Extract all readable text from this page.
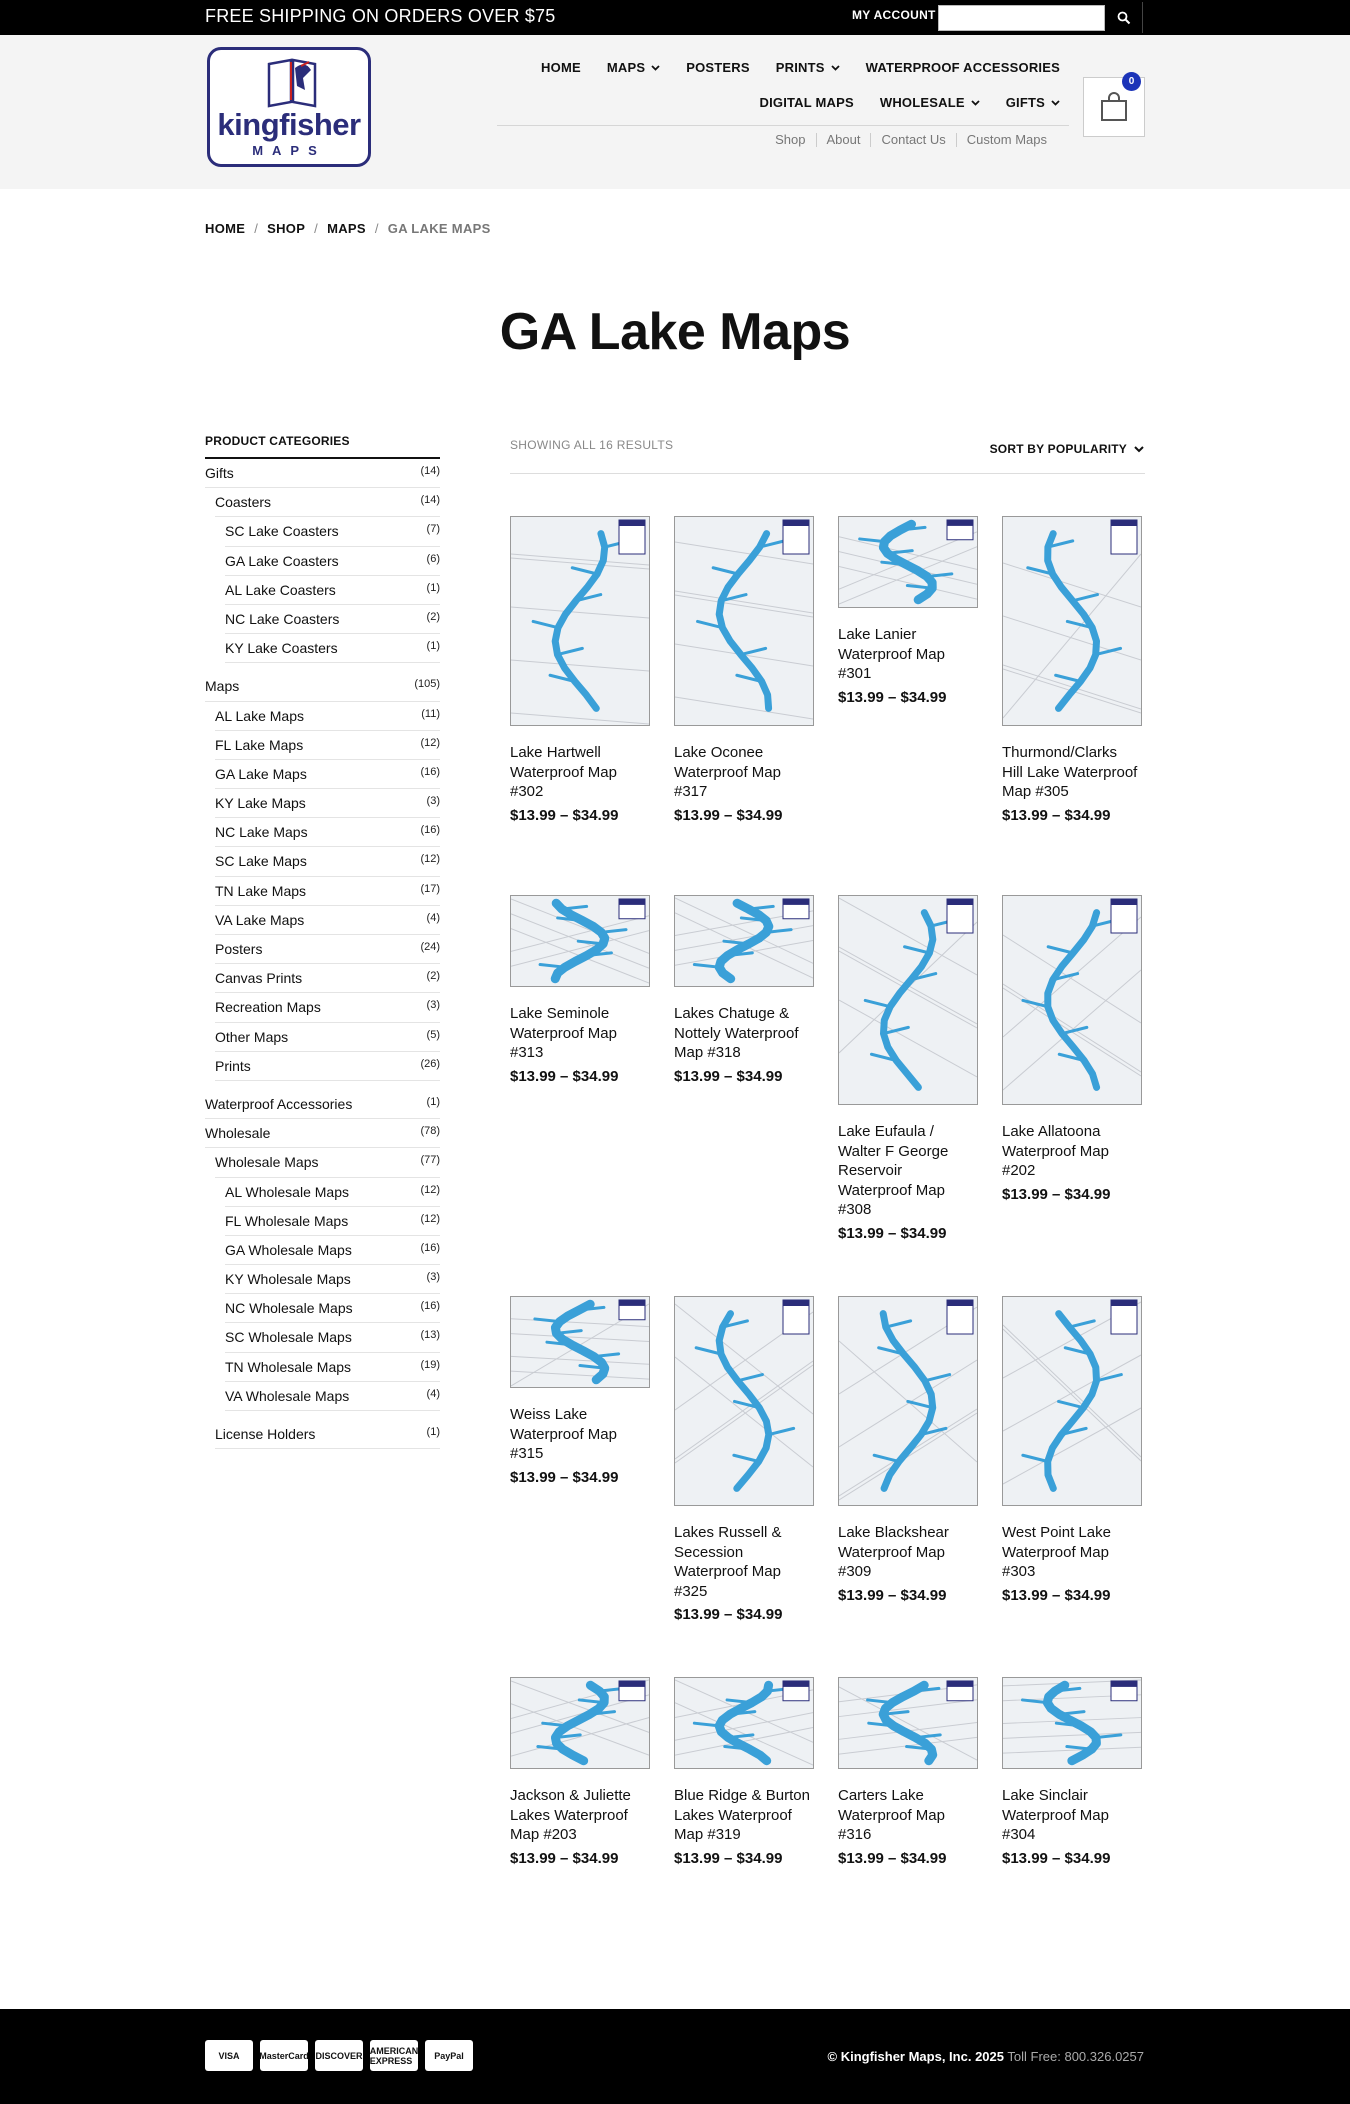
FREE SHIPPING ON ORDERS OVER $75	MY ACCOUNT
kingfisher
MAPS
HOME MAPS	POSTERS PRINTS	WATERPROOF ACCESSORIES
DIGITAL MAPS WHOLESALE	GIFTS
Shop	About	Contact Us	Custom Maps
0
HOME / SHOP / MAPS / GA LAKE MAPS
GA Lake Maps
PRODUCT CATEGORIES
Gifts	(14)
Coasters	(14)
SC Lake Coasters	(7)
GA Lake Coasters	(6)
AL Lake Coasters	(1)
NC Lake Coasters	(2)
KY Lake Coasters	(1)
Maps	(105)
AL Lake Maps	(11)
FL Lake Maps	(12)
GA Lake Maps	(16)
KY Lake Maps	(3)
NC Lake Maps	(16)
SC Lake Maps	(12)
TN Lake Maps	(17)
VA Lake Maps	(4)
Posters	(24)
Canvas Prints	(2)
Recreation Maps	(3)
Other Maps	(5)
Prints	(26)
Waterproof Accessories	(1)
Wholesale	(78)
Wholesale Maps	(77)
AL Wholesale Maps	(12)
FL Wholesale Maps	(12)
GA Wholesale Maps	(16)
KY Wholesale Maps	(3)
NC Wholesale Maps	(16)
SC Wholesale Maps	(13)
TN Wholesale Maps	(19)
VA Wholesale Maps	(4)
License Holders	(1)
SHOWING ALL 16 RESULTS	SORT BY POPULARITY
Lake Hartwell Waterproof Map #302
$13.99 – $34.99
Lake Oconee Waterproof Map #317
$13.99 – $34.99
Lake Lanier Waterproof Map #301
$13.99 – $34.99
Thurmond/Clarks Hill Lake Waterproof Map #305
$13.99 – $34.99
Lake Seminole Waterproof Map #313
$13.99 – $34.99
Lakes Chatuge & Nottely Waterproof Map #318
$13.99 – $34.99
Lake Eufaula / Walter F George Reservoir Waterproof Map #308
$13.99 – $34.99
Lake Allatoona Waterproof Map #202
$13.99 – $34.99
Weiss Lake Waterproof Map #315
$13.99 – $34.99
Lakes Russell & Secession Waterproof Map #325
$13.99 – $34.99
Lake Blackshear Waterproof Map #309
$13.99 – $34.99
West Point Lake Waterproof Map #303
$13.99 – $34.99
Jackson & Juliette Lakes Waterproof Map #203
$13.99 – $34.99
Blue Ridge & Burton Lakes Waterproof Map #319
$13.99 – $34.99
Carters Lake Waterproof Map #316
$13.99 – $34.99
Lake Sinclair Waterproof Map #304
$13.99 – $34.99
VISA	MasterCard DISCOVER AMERICAN EXPRESS	PayPal	© Kingfisher Maps, Inc. 2025 Toll Free: 800.326.0257
